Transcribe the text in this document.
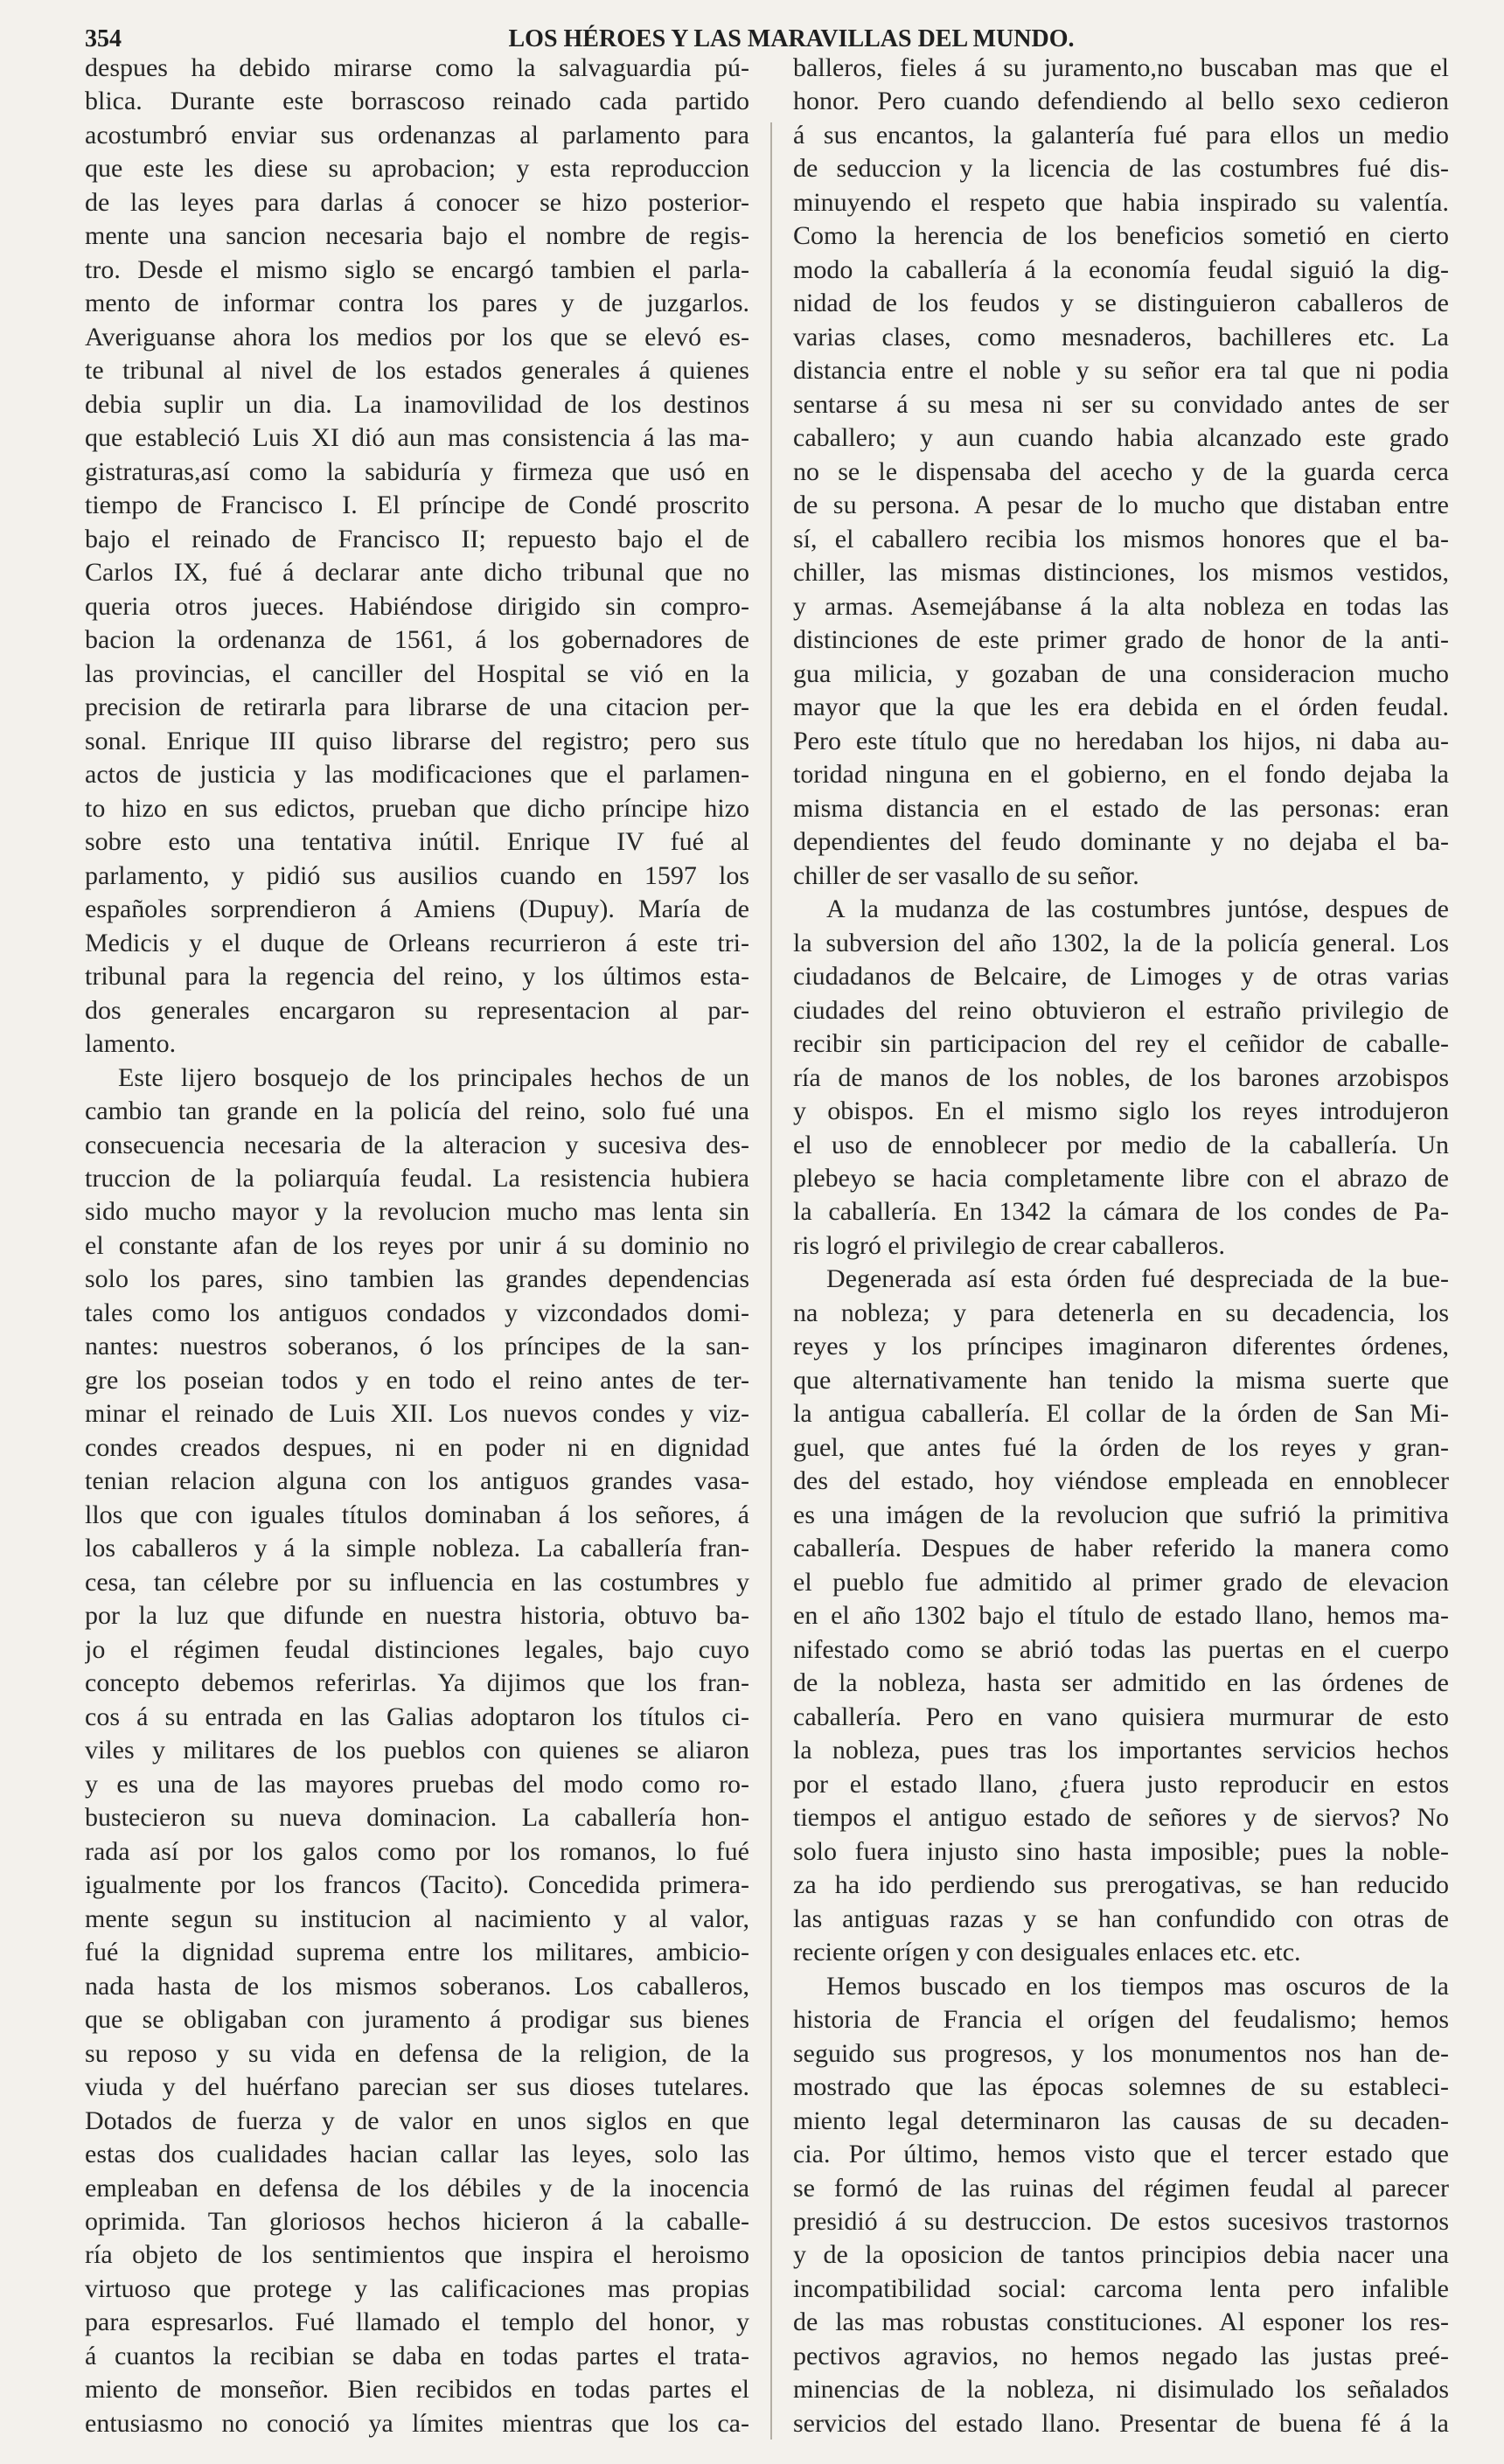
354	LOS HÉROES Y LAS MARAVILLAS DEL MUNDO.
despues ha debido mirarse como la salvaguardia pú-
blica. Durante este borrascoso reinado cada partido
acostumbró enviar sus ordenanzas al parlamento para
que este les diese su aprobacion; y esta reproduccion
de las leyes para darlas á conocer se hizo posterior-
mente una sancion necesaria bajo el nombre de regis-
tro. Desde el mismo siglo se encargó tambien el parla-
mento de informar contra los pares y de juzgarlos.
Averiguanse ahora los medios por los que se elevó es-
te tribunal al nivel de los estados generales á quienes
debia suplir un dia. La inamovilidad de los destinos
que estableció Luis XI dió aun mas consistencia á las ma-
gistraturas,así como la sabiduría y firmeza que usó en
tiempo de Francisco I. El príncipe de Condé proscrito
bajo el reinado de Francisco II; repuesto bajo el de
Carlos IX, fué á declarar ante dicho tribunal que no
queria otros jueces. Habiéndose dirigido sin compro-
bacion la ordenanza de 1561, á los gobernadores de
las provincias, el canciller del Hospital se vió en la
precision de retirarla para librarse de una citacion per-
sonal. Enrique III quiso librarse del registro; pero sus
actos de justicia y las modificaciones que el parlamen-
to hizo en sus edictos, prueban que dicho príncipe hizo
sobre esto una tentativa inútil. Enrique IV fué al
parlamento, y pidió sus ausilios cuando en 1597 los
españoles sorprendieron á Amiens (Dupuy). María de
Medicis y el duque de Orleans recurrieron á este tri-
tribunal para la regencia del reino, y los últimos esta-
dos generales encargaron su representacion al par-
lamento.
Este lijero bosquejo de los principales hechos de un
cambio tan grande en la policía del reino, solo fué una
consecuencia necesaria de la alteracion y sucesiva des-
truccion de la poliarquía feudal. La resistencia hubiera
sido mucho mayor y la revolucion mucho mas lenta sin
el constante afan de los reyes por unir á su dominio no
solo los pares, sino tambien las grandes dependencias
tales como los antiguos condados y vizcondados domi-
nantes: nuestros soberanos, ó los príncipes de la san-
gre los poseian todos y en todo el reino antes de ter-
minar el reinado de Luis XII. Los nuevos condes y viz-
condes creados despues, ni en poder ni en dignidad
tenian relacion alguna con los antiguos grandes vasa-
llos que con iguales títulos dominaban á los señores, á
los caballeros y á la simple nobleza. La caballería fran-
cesa, tan célebre por su influencia en las costumbres y
por la luz que difunde en nuestra historia, obtuvo ba-
jo el régimen feudal distinciones legales, bajo cuyo
concepto debemos referirlas. Ya dijimos que los fran-
cos á su entrada en las Galias adoptaron los títulos ci-
viles y militares de los pueblos con quienes se aliaron
y es una de las mayores pruebas del modo como ro-
bustecieron su nueva dominacion. La caballería hon-
rada así por los galos como por los romanos, lo fué
igualmente por los francos (Tacito). Concedida primera-
mente segun su institucion al nacimiento y al valor,
fué la dignidad suprema entre los militares, ambicio-
nada hasta de los mismos soberanos. Los caballeros,
que se obligaban con juramento á prodigar sus bienes
su reposo y su vida en defensa de la religion, de la
viuda y del huérfano parecian ser sus dioses tutelares.
Dotados de fuerza y de valor en unos siglos en que
estas dos cualidades hacian callar las leyes, solo las
empleaban en defensa de los débiles y de la inocencia
oprimida. Tan gloriosos hechos hicieron á la caballe-
ría objeto de los sentimientos que inspira el heroismo
virtuoso que protege y las calificaciones mas propias
para espresarlos. Fué llamado el templo del honor, y
á cuantos la recibian se daba en todas partes el trata-
miento de monseñor. Bien recibidos en todas partes el
entusiasmo no conoció ya límites mientras que los ca-
balleros, fieles á su juramento,no buscaban mas que el
honor. Pero cuando defendiendo al bello sexo cedieron
á sus encantos, la galantería fué para ellos un medio
de seduccion y la licencia de las costumbres fué dis-
minuyendo el respeto que habia inspirado su valentía.
Como la herencia de los beneficios sometió en cierto
modo la caballería á la economía feudal siguió la dig-
nidad de los feudos y se distinguieron caballeros de
varias clases, como mesnaderos, bachilleres etc. La
distancia entre el noble y su señor era tal que ni podia
sentarse á su mesa ni ser su convidado antes de ser
caballero; y aun cuando habia alcanzado este grado
no se le dispensaba del acecho y de la guarda cerca
de su persona. A pesar de lo mucho que distaban entre
sí, el caballero recibia los mismos honores que el ba-
chiller, las mismas distinciones, los mismos vestidos,
y armas. Asemejábanse á la alta nobleza en todas las
distinciones de este primer grado de honor de la anti-
gua milicia, y gozaban de una consideracion mucho
mayor que la que les era debida en el órden feudal.
Pero este título que no heredaban los hijos, ni daba au-
toridad ninguna en el gobierno, en el fondo dejaba la
misma distancia en el estado de las personas: eran
dependientes del feudo dominante y no dejaba el ba-
chiller de ser vasallo de su señor.
A la mudanza de las costumbres juntóse, despues de
la subversion del año 1302, la de la policía general. Los
ciudadanos de Belcaire, de Limoges y de otras varias
ciudades del reino obtuvieron el estraño privilegio de
recibir sin participacion del rey el ceñidor de caballe-
ría de manos de los nobles, de los barones arzobispos
y obispos. En el mismo siglo los reyes introdujeron
el uso de ennoblecer por medio de la caballería. Un
plebeyo se hacia completamente libre con el abrazo de
la caballería. En 1342 la cámara de los condes de Pa-
ris logró el privilegio de crear caballeros.
Degenerada así esta órden fué despreciada de la bue-
na nobleza; y para detenerla en su decadencia, los
reyes y los príncipes imaginaron diferentes órdenes,
que alternativamente han tenido la misma suerte que
la antigua caballería. El collar de la órden de San Mi-
guel, que antes fué la órden de los reyes y gran-
des del estado, hoy viéndose empleada en ennoblecer
es una imágen de la revolucion que sufrió la primitiva
caballería. Despues de haber referido la manera como
el pueblo fue admitido al primer grado de elevacion
en el año 1302 bajo el título de estado llano, hemos ma-
nifestado como se abrió todas las puertas en el cuerpo
de la nobleza, hasta ser admitido en las órdenes de
caballería. Pero en vano quisiera murmurar de esto
la nobleza, pues tras los importantes servicios hechos
por el estado llano, ¿fuera justo reproducir en estos
tiempos el antiguo estado de señores y de siervos? No
solo fuera injusto sino hasta imposible; pues la noble-
za ha ido perdiendo sus prerogativas, se han reducido
las antiguas razas y se han confundido con otras de
reciente orígen y con desiguales enlaces etc. etc.
Hemos buscado en los tiempos mas oscuros de la
historia de Francia el orígen del feudalismo; hemos
seguido sus progresos, y los monumentos nos han de-
mostrado que las épocas solemnes de su estableci-
miento legal determinaron las causas de su decaden-
cia. Por último, hemos visto que el tercer estado que
se formó de las ruinas del régimen feudal al parecer
presidió á su destruccion. De estos sucesivos trastornos
y de la oposicion de tantos principios debia nacer una
incompatibilidad social: carcoma lenta pero infalible
de las mas robustas constituciones. Al esponer los res-
pectivos agravios, no hemos negado las justas preé-
minencias de la nobleza, ni disimulado los señalados
servicios del estado llano. Presentar de buena fé á la
